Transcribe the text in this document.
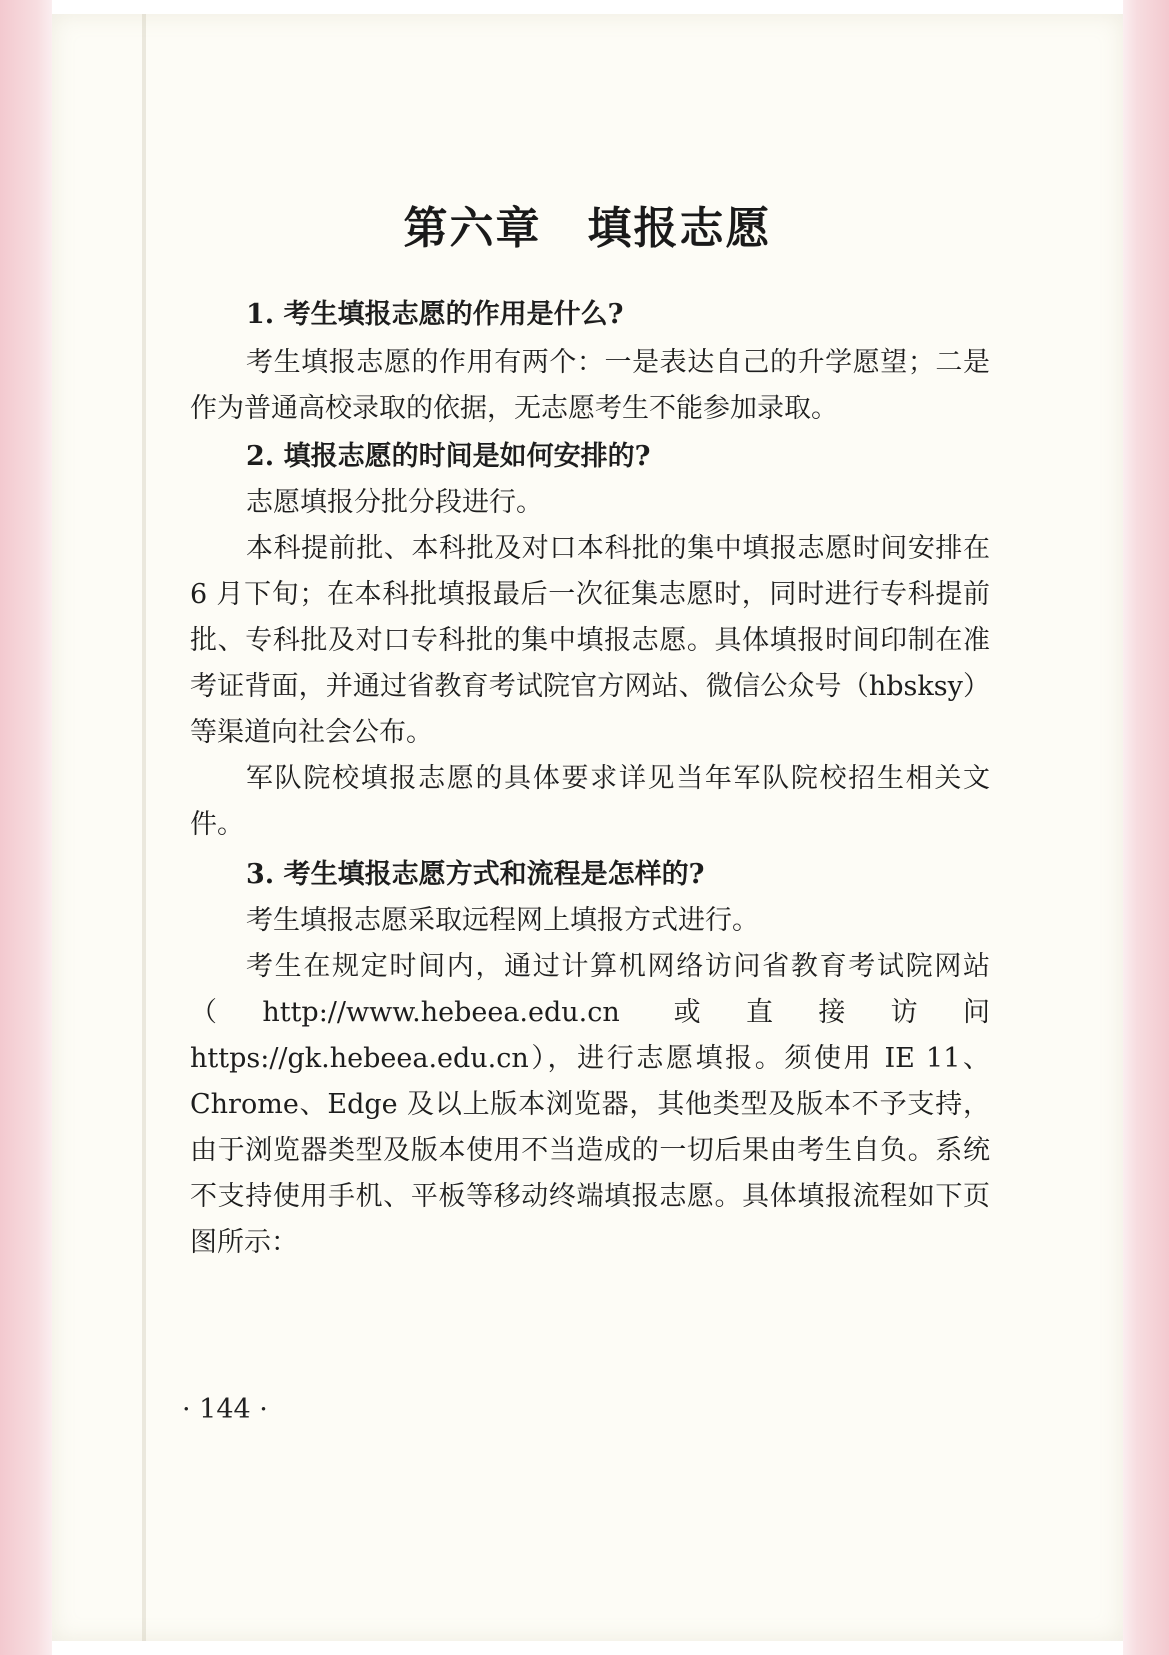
第六章　填报志愿

1. 考生填报志愿的作用是什么?

考生填报志愿的作用有两个：一是表达自己的升学愿望；二是作为普通高校录取的依据，无志愿考生不能参加录取。

2. 填报志愿的时间是如何安排的?

志愿填报分批分段进行。

本科提前批、本科批及对口本科批的集中填报志愿时间安排在 6 月下旬；在本科批填报最后一次征集志愿时，同时进行专科提前批、专科批及对口专科批的集中填报志愿。具体填报时间印制在准考证背面，并通过省教育考试院官方网站、微信公众号（hbsksy）等渠道向社会公布。

军队院校填报志愿的具体要求详见当年军队院校招生相关文件。

3. 考生填报志愿方式和流程是怎样的?

考生填报志愿采取远程网上填报方式进行。

考生在规定时间内，通过计算机网络访问省教育考试院网站（http://www.hebeea.edu.cn 或直接访问 https://gk.hebeea.edu.cn），进行志愿填报。须使用 IE 11、Chrome、Edge 及以上版本浏览器，其他类型及版本不予支持，由于浏览器类型及版本使用不当造成的一切后果由考生自负。系统不支持使用手机、平板等移动终端填报志愿。具体填报流程如下页图所示：

· 144 ·
